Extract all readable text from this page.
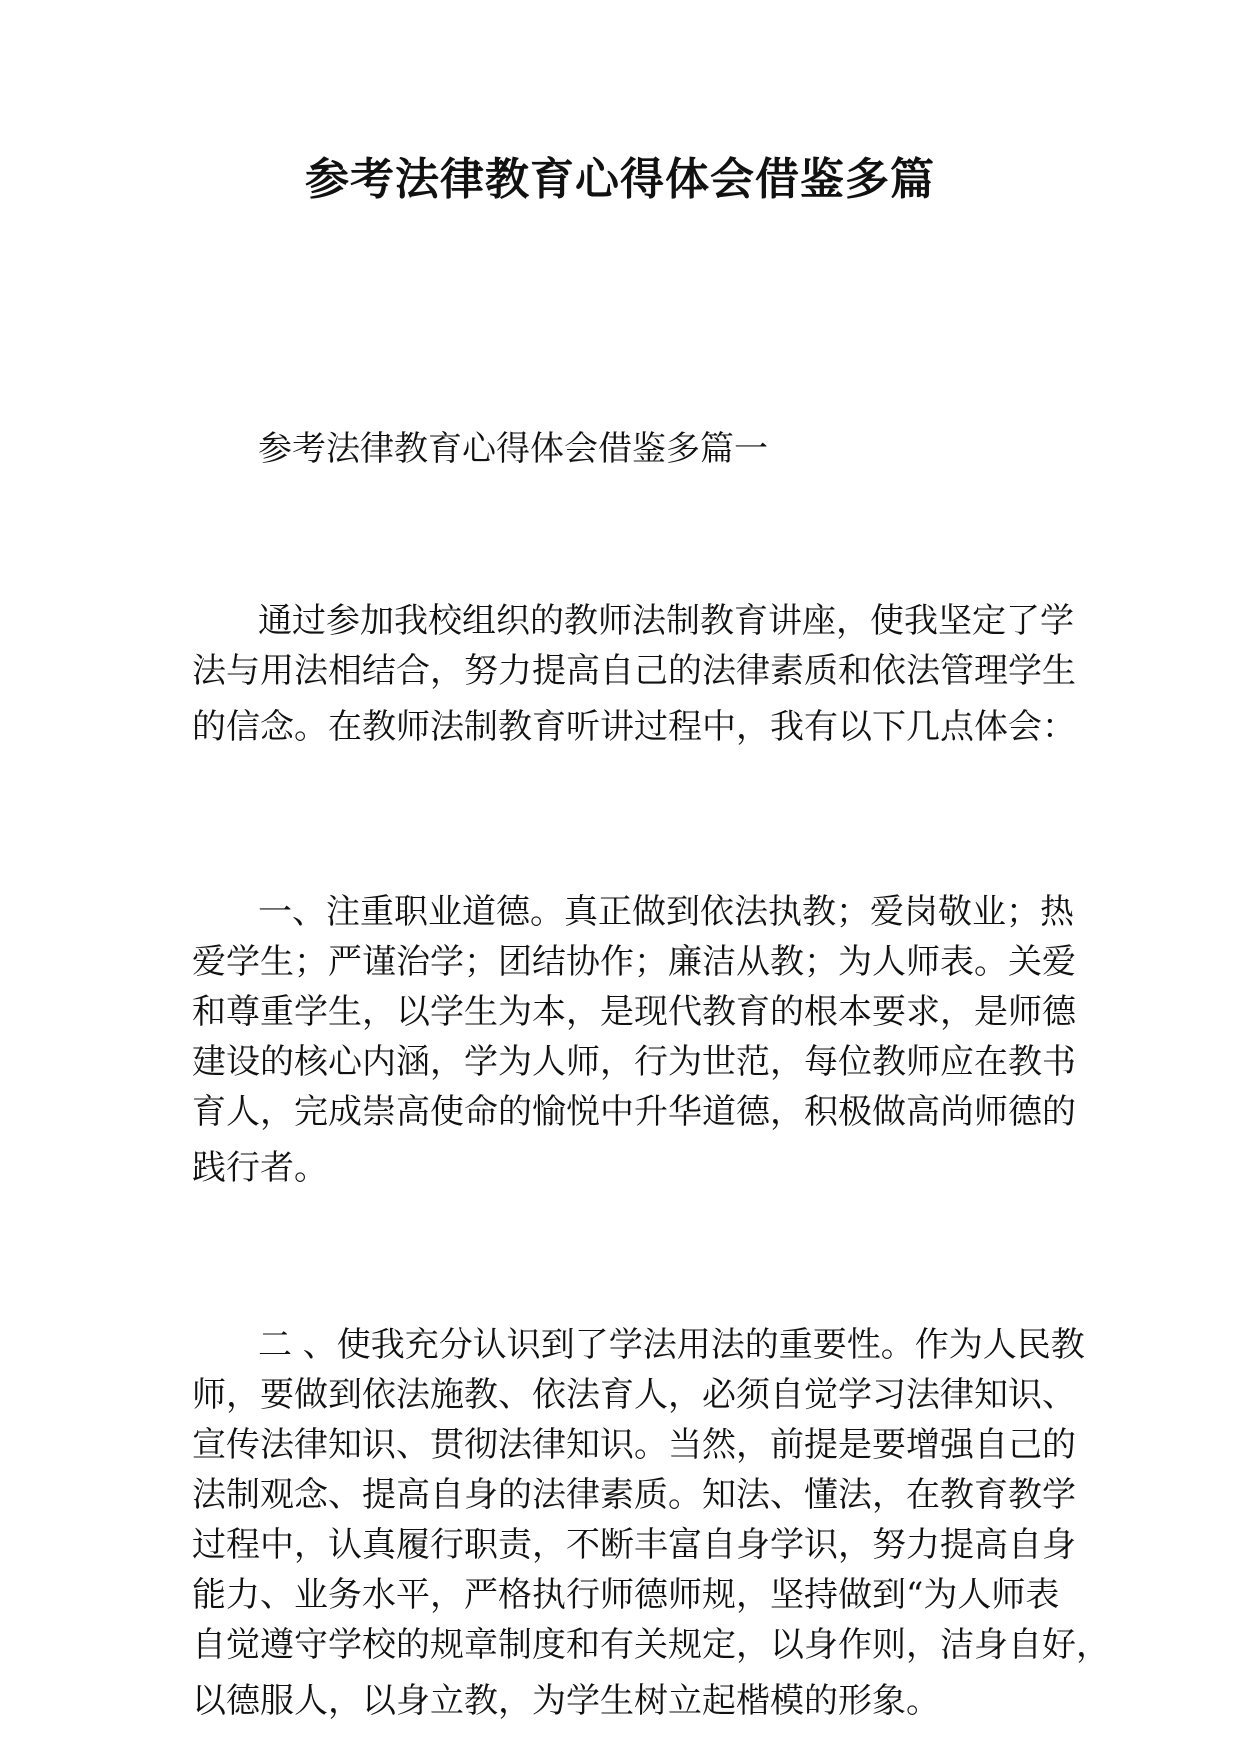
参考法律教育心得体会借鉴多篇
参考法律教育心得体会借鉴多篇一
通过参加我校组织的教师法制教育讲座，使我坚定了学
法与用法相结合，努力提高自己的法律素质和依法管理学生
的信念。在教师法制教育听讲过程中，我有以下几点体会：
一、注重职业道德。真正做到依法执教；爱岗敬业；热
爱学生；严谨治学；团结协作；廉洁从教；为人师表。关爱
和尊重学生，以学生为本，是现代教育的根本要求，是师德
建设的核心内涵，学为人师，行为世范，每位教师应在教书
育人，完成崇高使命的愉悦中升华道德，积极做高尚师德的
践行者。
二 、使我充分认识到了学法用法的重要性。作为人民教
师，要做到依法施教、依法育人，必须自觉学习法律知识、
宣传法律知识、贯彻法律知识。当然，前提是要增强自己的
法制观念、提高自身的法律素质。知法、懂法，在教育教学
过程中，认真履行职责，不断丰富自身学识，努力提高自身
能力、业务水平，严格执行师德师规，坚持做到“为人师表
自觉遵守学校的规章制度和有关规定，以身作则，洁身自好，
以德服人，以身立教，为学生树立起楷模的形象。
